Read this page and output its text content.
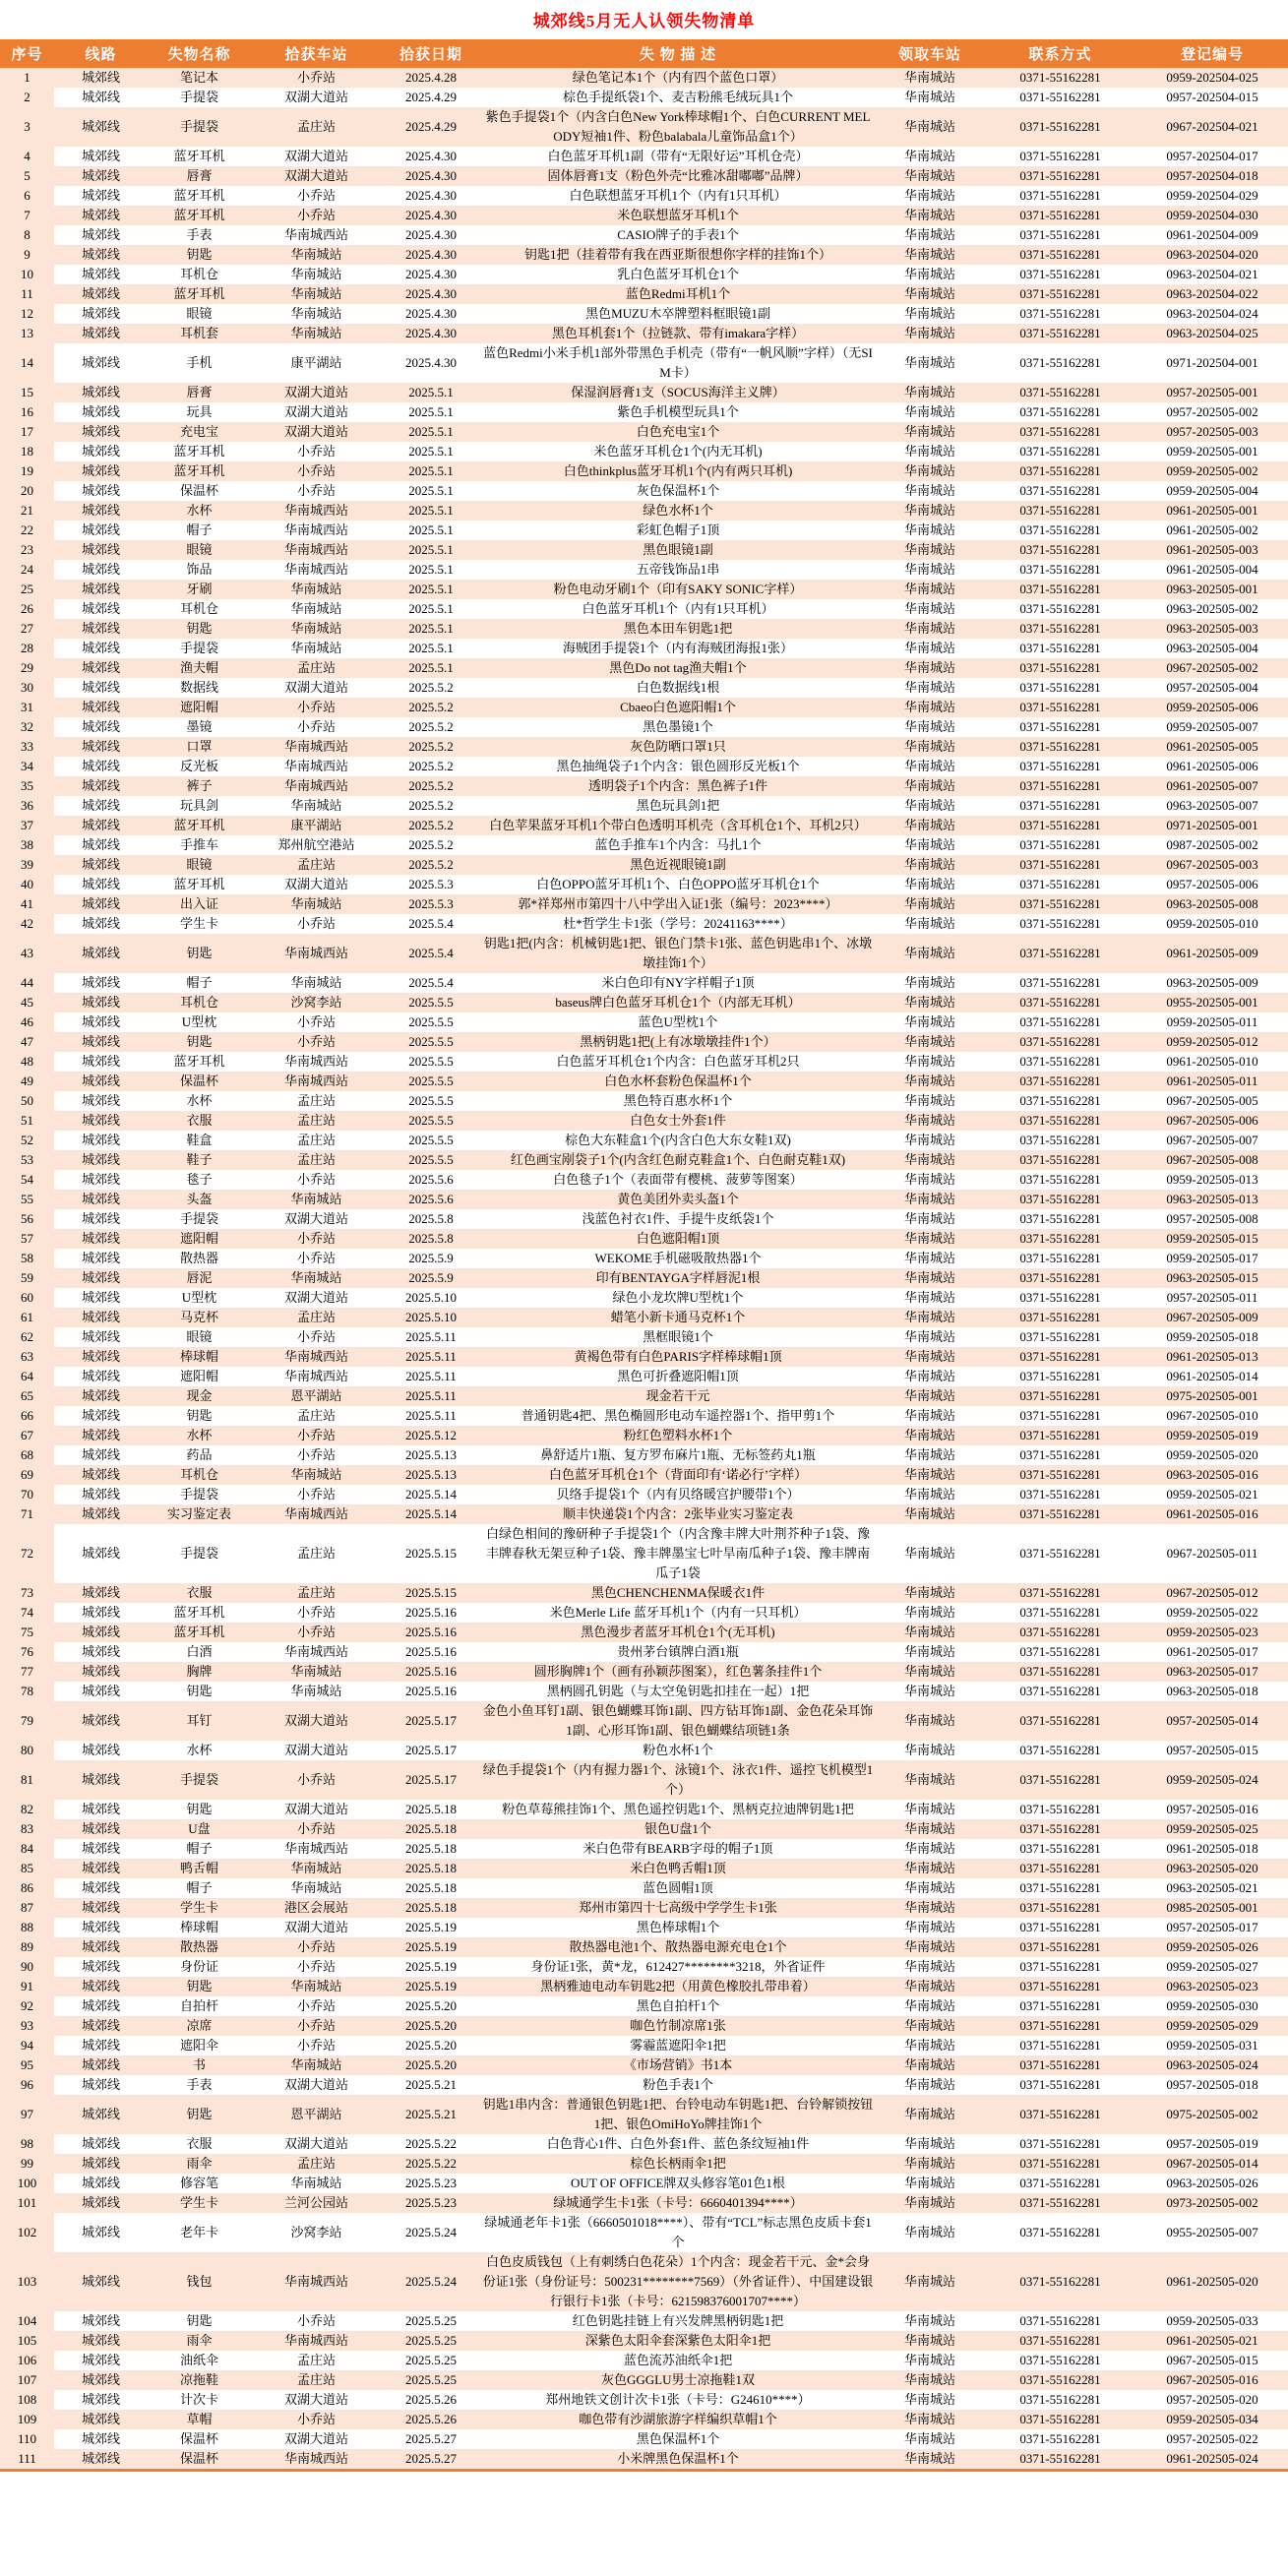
城郊线5月无人认领失物清单
序号	线路	失物名称	拾获车站	拾获日期	失 物 描 述	领取车站	联系方式	登记编号
1	城郊线	笔记本	小乔站	2025.4.28	绿色笔记本1个（内有四个蓝色口罩）	华南城站	0371-55162281	0959-202504-025
2	城郊线	手提袋	双湖大道站	2025.4.29	棕色手提纸袋1个、麦吉粉熊毛绒玩具1个	华南城站	0371-55162281	0957-202504-015
3	城郊线	手提袋	孟庄站	2025.4.29	紫色手提袋1个（内含白色New York棒球帽1个、白色CURRENT MELODY短袖1件、粉色balabala儿童饰品盒1个）	华南城站	0371-55162281	0967-202504-021
4	城郊线	蓝牙耳机	双湖大道站	2025.4.30	白色蓝牙耳机1副（带有“无限好运”耳机仓壳）	华南城站	0371-55162281	0957-202504-017
5	城郊线	唇膏	双湖大道站	2025.4.30	固体唇膏1支（粉色外壳“比雅冰甜嘟嘟”品牌）	华南城站	0371-55162281	0957-202504-018
6	城郊线	蓝牙耳机	小乔站	2025.4.30	白色联想蓝牙耳机1个（内有1只耳机）	华南城站	0371-55162281	0959-202504-029
7	城郊线	蓝牙耳机	小乔站	2025.4.30	米色联想蓝牙耳机1个	华南城站	0371-55162281	0959-202504-030
8	城郊线	手表	华南城西站	2025.4.30	CASIO牌子的手表1个	华南城站	0371-55162281	0961-202504-009
9	城郊线	钥匙	华南城站	2025.4.30	钥匙1把（挂着带有我在西亚斯很想你字样的挂饰1个）	华南城站	0371-55162281	0963-202504-020
10	城郊线	耳机仓	华南城站	2025.4.30	乳白色蓝牙耳机仓1个	华南城站	0371-55162281	0963-202504-021
11	城郊线	蓝牙耳机	华南城站	2025.4.30	蓝色Redmi耳机1个	华南城站	0371-55162281	0963-202504-022
12	城郊线	眼镜	华南城站	2025.4.30	黑色MUZU木卒牌塑料框眼镜1副	华南城站	0371-55162281	0963-202504-024
13	城郊线	耳机套	华南城站	2025.4.30	黑色耳机套1个（拉链款、带有imakara字样）	华南城站	0371-55162281	0963-202504-025
14	城郊线	手机	康平湖站	2025.4.30	蓝色Redmi小米手机1部外带黑色手机壳（带有“一帆风顺”字样）（无SIM卡）	华南城站	0371-55162281	0971-202504-001
15	城郊线	唇膏	双湖大道站	2025.5.1	保湿润唇膏1支（SOCUS海洋主义牌）	华南城站	0371-55162281	0957-202505-001
16	城郊线	玩具	双湖大道站	2025.5.1	紫色手机模型玩具1个	华南城站	0371-55162281	0957-202505-002
17	城郊线	充电宝	双湖大道站	2025.5.1	白色充电宝1个	华南城站	0371-55162281	0957-202505-003
18	城郊线	蓝牙耳机	小乔站	2025.5.1	米色蓝牙耳机仓1个(内无耳机)	华南城站	0371-55162281	0959-202505-001
19	城郊线	蓝牙耳机	小乔站	2025.5.1	白色thinkplus蓝牙耳机1个(内有两只耳机)	华南城站	0371-55162281	0959-202505-002
20	城郊线	保温杯	小乔站	2025.5.1	灰色保温杯1个	华南城站	0371-55162281	0959-202505-004
21	城郊线	水杯	华南城西站	2025.5.1	绿色水杯1个	华南城站	0371-55162281	0961-202505-001
22	城郊线	帽子	华南城西站	2025.5.1	彩虹色帽子1顶	华南城站	0371-55162281	0961-202505-002
23	城郊线	眼镜	华南城西站	2025.5.1	黑色眼镜1副	华南城站	0371-55162281	0961-202505-003
24	城郊线	饰品	华南城西站	2025.5.1	五帝钱饰品1串	华南城站	0371-55162281	0961-202505-004
25	城郊线	牙刷	华南城站	2025.5.1	粉色电动牙刷1个（印有SAKY SONIC字样）	华南城站	0371-55162281	0963-202505-001
26	城郊线	耳机仓	华南城站	2025.5.1	白色蓝牙耳机1个（内有1只耳机）	华南城站	0371-55162281	0963-202505-002
27	城郊线	钥匙	华南城站	2025.5.1	黑色本田车钥匙1把	华南城站	0371-55162281	0963-202505-003
28	城郊线	手提袋	华南城站	2025.5.1	海贼团手提袋1个（内有海贼团海报1张）	华南城站	0371-55162281	0963-202505-004
29	城郊线	渔夫帽	孟庄站	2025.5.1	黑色Do not tag渔夫帽1个	华南城站	0371-55162281	0967-202505-002
30	城郊线	数据线	双湖大道站	2025.5.2	白色数据线1根	华南城站	0371-55162281	0957-202505-004
31	城郊线	遮阳帽	小乔站	2025.5.2	Cbaeo白色遮阳帽1个	华南城站	0371-55162281	0959-202505-006
32	城郊线	墨镜	小乔站	2025.5.2	黑色墨镜1个	华南城站	0371-55162281	0959-202505-007
33	城郊线	口罩	华南城西站	2025.5.2	灰色防晒口罩1只	华南城站	0371-55162281	0961-202505-005
34	城郊线	反光板	华南城西站	2025.5.2	黑色抽绳袋子1个内含：银色圆形反光板1个	华南城站	0371-55162281	0961-202505-006
35	城郊线	裤子	华南城西站	2025.5.2	透明袋子1个内含：黑色裤子1件	华南城站	0371-55162281	0961-202505-007
36	城郊线	玩具剑	华南城站	2025.5.2	黑色玩具剑1把	华南城站	0371-55162281	0963-202505-007
37	城郊线	蓝牙耳机	康平湖站	2025.5.2	白色苹果蓝牙耳机1个带白色透明耳机壳（含耳机仓1个、耳机2只）	华南城站	0371-55162281	0971-202505-001
38	城郊线	手推车	郑州航空港站	2025.5.2	蓝色手推车1个内含：马扎1个	华南城站	0371-55162281	0987-202505-002
39	城郊线	眼镜	孟庄站	2025.5.2	黑色近视眼镜1副	华南城站	0371-55162281	0967-202505-003
40	城郊线	蓝牙耳机	双湖大道站	2025.5.3	白色OPPO蓝牙耳机1个、白色OPPO蓝牙耳机仓1个	华南城站	0371-55162281	0957-202505-006
41	城郊线	出入证	华南城站	2025.5.3	郭*祥郑州市第四十八中学出入证1张（编号：2023****）	华南城站	0371-55162281	0963-202505-008
42	城郊线	学生卡	小乔站	2025.5.4	杜*哲学生卡1张（学号：20241163****）	华南城站	0371-55162281	0959-202505-010
43	城郊线	钥匙	华南城西站	2025.5.4	钥匙1把(内含：机械钥匙1把、银色门禁卡1张、蓝色钥匙串1个、冰墩墩挂饰1个）	华南城站	0371-55162281	0961-202505-009
44	城郊线	帽子	华南城站	2025.5.4	米白色印有NY字样帽子1顶	华南城站	0371-55162281	0963-202505-009
45	城郊线	耳机仓	沙窝李站	2025.5.5	baseus牌白色蓝牙耳机仓1个（内部无耳机）	华南城站	0371-55162281	0955-202505-001
46	城郊线	U型枕	小乔站	2025.5.5	蓝色U型枕1个	华南城站	0371-55162281	0959-202505-011
47	城郊线	钥匙	小乔站	2025.5.5	黑柄钥匙1把(上有冰墩墩挂件1个）	华南城站	0371-55162281	0959-202505-012
48	城郊线	蓝牙耳机	华南城西站	2025.5.5	白色蓝牙耳机仓1个内含：白色蓝牙耳机2只	华南城站	0371-55162281	0961-202505-010
49	城郊线	保温杯	华南城西站	2025.5.5	白色水杯套粉色保温杯1个	华南城站	0371-55162281	0961-202505-011
50	城郊线	水杯	孟庄站	2025.5.5	黑色特百惠水杯1个	华南城站	0371-55162281	0967-202505-005
51	城郊线	衣服	孟庄站	2025.5.5	白色女士外套1件	华南城站	0371-55162281	0967-202505-006
52	城郊线	鞋盒	孟庄站	2025.5.5	棕色大东鞋盒1个(内含白色大东女鞋1双)	华南城站	0371-55162281	0967-202505-007
53	城郊线	鞋子	孟庄站	2025.5.5	红色画宝剐袋子1个(内含红色耐克鞋盒1个、白色耐克鞋1双)	华南城站	0371-55162281	0967-202505-008
54	城郊线	毯子	小乔站	2025.5.6	白色毯子1个（表面带有樱桃、菠萝等图案）	华南城站	0371-55162281	0959-202505-013
55	城郊线	头盔	华南城站	2025.5.6	黄色美团外卖头盔1个	华南城站	0371-55162281	0963-202505-013
56	城郊线	手提袋	双湖大道站	2025.5.8	浅蓝色衬衣1件、手提牛皮纸袋1个	华南城站	0371-55162281	0957-202505-008
57	城郊线	遮阳帽	小乔站	2025.5.8	白色遮阳帽1顶	华南城站	0371-55162281	0959-202505-015
58	城郊线	散热器	小乔站	2025.5.9	WEKOME手机磁吸散热器1个	华南城站	0371-55162281	0959-202505-017
59	城郊线	唇泥	华南城站	2025.5.9	印有BENTAYGA字样唇泥1根	华南城站	0371-55162281	0963-202505-015
60	城郊线	U型枕	双湖大道站	2025.5.10	绿色小龙坎牌U型枕1个	华南城站	0371-55162281	0957-202505-011
61	城郊线	马克杯	孟庄站	2025.5.10	蜡笔小新卡通马克杯1个	华南城站	0371-55162281	0967-202505-009
62	城郊线	眼镜	小乔站	2025.5.11	黑框眼镜1个	华南城站	0371-55162281	0959-202505-018
63	城郊线	棒球帽	华南城西站	2025.5.11	黄褐色带有白色PARIS字样棒球帽1顶	华南城站	0371-55162281	0961-202505-013
64	城郊线	遮阳帽	华南城西站	2025.5.11	黑色可折叠遮阳帽1顶	华南城站	0371-55162281	0961-202505-014
65	城郊线	现金	恩平湖站	2025.5.11	现金若干元	华南城站	0371-55162281	0975-202505-001
66	城郊线	钥匙	孟庄站	2025.5.11	普通钥匙4把、黑色椭圆形电动车遥控器1个、指甲剪1个	华南城站	0371-55162281	0967-202505-010
67	城郊线	水杯	小乔站	2025.5.12	粉红色塑料水杯1个	华南城站	0371-55162281	0959-202505-019
68	城郊线	药品	小乔站	2025.5.13	鼻舒适片1瓶、复方罗布麻片1瓶、无标签药丸1瓶	华南城站	0371-55162281	0959-202505-020
69	城郊线	耳机仓	华南城站	2025.5.13	白色蓝牙耳机仓1个（背面印有‘诺必行’字样）	华南城站	0371-55162281	0963-202505-016
70	城郊线	手提袋	小乔站	2025.5.14	贝络手提袋1个（内有贝络暖宫护腰带1个）	华南城站	0371-55162281	0959-202505-021
71	城郊线	实习鉴定表	华南城西站	2025.5.14	顺丰快递袋1个内含：2张毕业实习鉴定表	华南城站	0371-55162281	0961-202505-016
72	城郊线	手提袋	孟庄站	2025.5.15	白绿色相间的豫研种子手提袋1个（内含豫丰牌大叶荆芥种子1袋、豫丰牌春秋无架豆种子1袋、豫丰牌墨宝七叶旱南瓜种子1袋、豫丰牌南瓜子1袋	华南城站	0371-55162281	0967-202505-011
73	城郊线	衣服	孟庄站	2025.5.15	黑色CHENCHENMA保暖衣1件	华南城站	0371-55162281	0967-202505-012
74	城郊线	蓝牙耳机	小乔站	2025.5.16	米色Merle Life 蓝牙耳机1个（内有一只耳机）	华南城站	0371-55162281	0959-202505-022
75	城郊线	蓝牙耳机	小乔站	2025.5.16	黑色漫步者蓝牙耳机仓1个(无耳机)	华南城站	0371-55162281	0959-202505-023
76	城郊线	白酒	华南城西站	2025.5.16	贵州茅台镇牌白酒1瓶	华南城站	0371-55162281	0961-202505-017
77	城郊线	胸牌	华南城站	2025.5.16	圆形胸牌1个（画有孙颖莎图案），红色薯条挂件1个	华南城站	0371-55162281	0963-202505-017
78	城郊线	钥匙	华南城站	2025.5.16	黑柄圆孔钥匙（与太空兔钥匙扣挂在一起）1把	华南城站	0371-55162281	0963-202505-018
79	城郊线	耳钉	双湖大道站	2025.5.17	金色小鱼耳钉1副、银色蝴蝶耳饰1副、四方钻耳饰1副、金色花朵耳饰1副、心形耳饰1副、银色蝴蝶结项链1条	华南城站	0371-55162281	0957-202505-014
80	城郊线	水杯	双湖大道站	2025.5.17	粉色水杯1个	华南城站	0371-55162281	0957-202505-015
81	城郊线	手提袋	小乔站	2025.5.17	绿色手提袋1个（内有握力器1个、泳镜1个、泳衣1件、遥控飞机模型1个）	华南城站	0371-55162281	0959-202505-024
82	城郊线	钥匙	双湖大道站	2025.5.18	粉色草莓熊挂饰1个、黑色遥控钥匙1个、黑柄克拉迪牌钥匙1把	华南城站	0371-55162281	0957-202505-016
83	城郊线	U盘	小乔站	2025.5.18	银色U盘1个	华南城站	0371-55162281	0959-202505-025
84	城郊线	帽子	华南城西站	2025.5.18	米白色带有BEARB字母的帽子1顶	华南城站	0371-55162281	0961-202505-018
85	城郊线	鸭舌帽	华南城站	2025.5.18	米白色鸭舌帽1顶	华南城站	0371-55162281	0963-202505-020
86	城郊线	帽子	华南城站	2025.5.18	蓝色圆帽1顶	华南城站	0371-55162281	0963-202505-021
87	城郊线	学生卡	港区会展站	2025.5.18	郑州市第四十七高级中学学生卡1张	华南城站	0371-55162281	0985-202505-001
88	城郊线	棒球帽	双湖大道站	2025.5.19	黑色棒球帽1个	华南城站	0371-55162281	0957-202505-017
89	城郊线	散热器	小乔站	2025.5.19	散热器电池1个、散热器电源充电仓1个	华南城站	0371-55162281	0959-202505-026
90	城郊线	身份证	小乔站	2025.5.19	身份证1张，黄*龙，612427********3218，外省证件	华南城站	0371-55162281	0959-202505-027
91	城郊线	钥匙	华南城站	2025.5.19	黑柄雅迪电动车钥匙2把（用黄色橡胶扎带串着）	华南城站	0371-55162281	0963-202505-023
92	城郊线	自拍杆	小乔站	2025.5.20	黑色自拍杆1个	华南城站	0371-55162281	0959-202505-030
93	城郊线	凉席	小乔站	2025.5.20	咖色竹制凉席1张	华南城站	0371-55162281	0959-202505-029
94	城郊线	遮阳伞	小乔站	2025.5.20	雾霾蓝遮阳伞1把	华南城站	0371-55162281	0959-202505-031
95	城郊线	书	华南城站	2025.5.20	《市场营销》书1本	华南城站	0371-55162281	0963-202505-024
96	城郊线	手表	双湖大道站	2025.5.21	粉色手表1个	华南城站	0371-55162281	0957-202505-018
97	城郊线	钥匙	恩平湖站	2025.5.21	钥匙1串内含：普通银色钥匙1把、台铃电动车钥匙1把、台铃解锁按钮1把、银色OmiHoYo牌挂饰1个	华南城站	0371-55162281	0975-202505-002
98	城郊线	衣服	双湖大道站	2025.5.22	白色背心1件、白色外套1件、蓝色条纹短袖1件	华南城站	0371-55162281	0957-202505-019
99	城郊线	雨伞	孟庄站	2025.5.22	棕色长柄雨伞1把	华南城站	0371-55162281	0967-202505-014
100	城郊线	修容笔	华南城站	2025.5.23	OUT OF OFFICE牌双头修容笔01色1根	华南城站	0371-55162281	0963-202505-026
101	城郊线	学生卡	兰河公园站	2025.5.23	绿城通学生卡1张（卡号：6660401394****）	华南城站	0371-55162281	0973-202505-002
102	城郊线	老年卡	沙窝李站	2025.5.24	绿城通老年卡1张（6660501018****）、带有“TCL”标志黑色皮质卡套1个	华南城站	0371-55162281	0955-202505-007
103	城郊线	钱包	华南城西站	2025.5.24	白色皮质钱包（上有刺绣白色花朵）1个内含：现金若干元、金*会身份证1张（身份证号：500231********7569）（外省证件）、中国建设银行银行卡1张（卡号：621598376001707****）	华南城站	0371-55162281	0961-202505-020
104	城郊线	钥匙	小乔站	2025.5.25	红色钥匙挂链上有兴发牌黑柄钥匙1把	华南城站	0371-55162281	0959-202505-033
105	城郊线	雨伞	华南城西站	2025.5.25	深紫色太阳伞套深紫色太阳伞1把	华南城站	0371-55162281	0961-202505-021
106	城郊线	油纸伞	孟庄站	2025.5.25	蓝色流苏油纸伞1把	华南城站	0371-55162281	0967-202505-015
107	城郊线	凉拖鞋	孟庄站	2025.5.25	灰色GGGLU男士凉拖鞋1双	华南城站	0371-55162281	0967-202505-016
108	城郊线	计次卡	双湖大道站	2025.5.26	郑州地铁文创计次卡1张（卡号：G24610****）	华南城站	0371-55162281	0957-202505-020
109	城郊线	草帽	小乔站	2025.5.26	咖色带有沙湖旅游字样编织草帽1个	华南城站	0371-55162281	0959-202505-034
110	城郊线	保温杯	双湖大道站	2025.5.27	黑色保温杯1个	华南城站	0371-55162281	0957-202505-022
111	城郊线	保温杯	华南城西站	2025.5.27	小米牌黑色保温杯1个	华南城站	0371-55162281	0961-202505-024
